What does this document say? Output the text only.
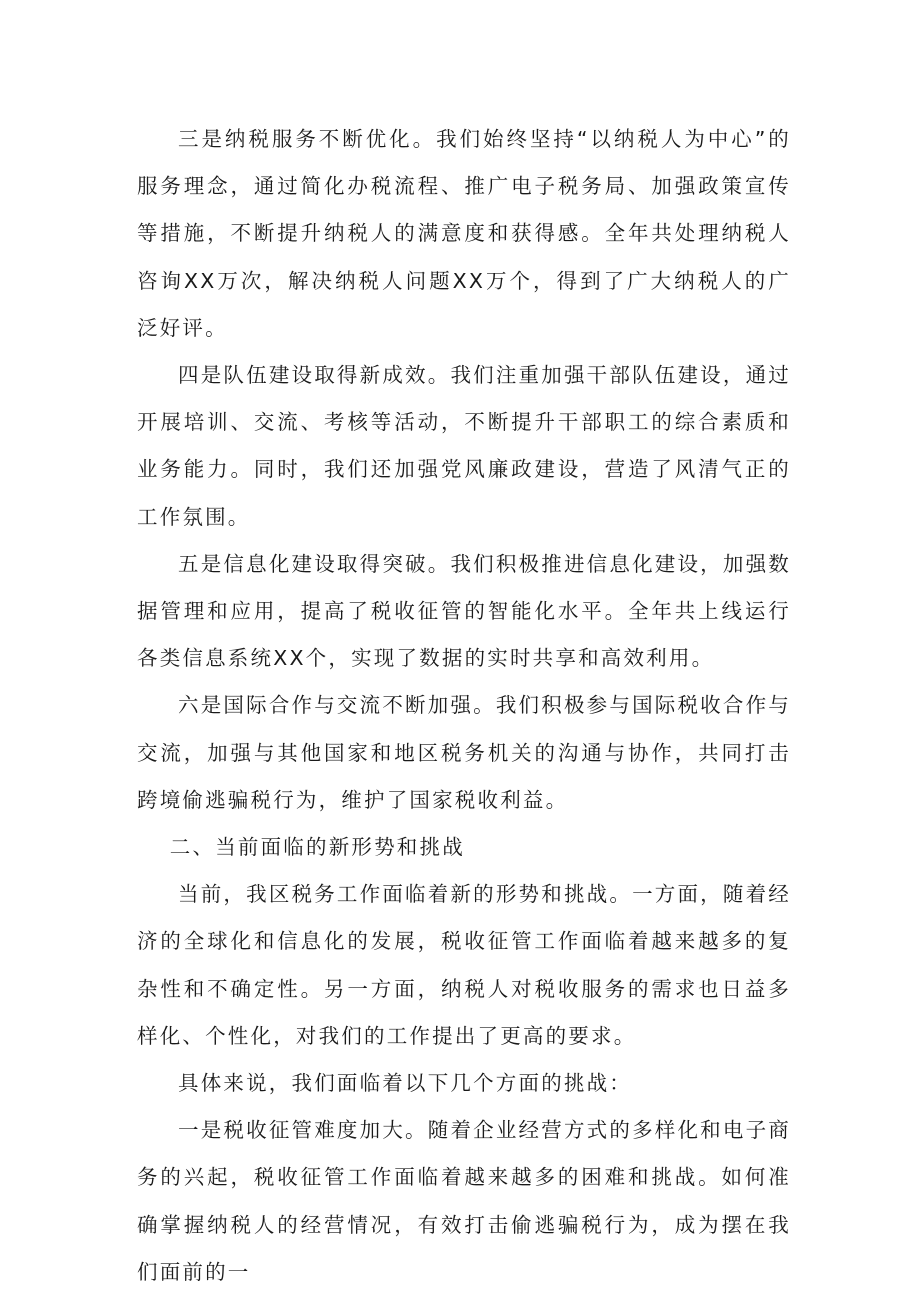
三是纳税服务不断优化。我们始终坚持“以纳税人为中心”的服务理念，通过简化办税流程、推广电子税务局、加强政策宣传等措施，不断提升纳税人的满意度和获得感。全年共处理纳税人咨询XX万次，解决纳税人问题XX万个，得到了广大纳税人的广泛好评。

四是队伍建设取得新成效。我们注重加强干部队伍建设，通过开展培训、交流、考核等活动，不断提升干部职工的综合素质和业务能力。同时，我们还加强党风廉政建设，营造了风清气正的工作氛围。

五是信息化建设取得突破。我们积极推进信息化建设，加强数据管理和应用，提高了税收征管的智能化水平。全年共上线运行各类信息系统XX个，实现了数据的实时共享和高效利用。

六是国际合作与交流不断加强。我们积极参与国际税收合作与交流，加强与其他国家和地区税务机关的沟通与协作，共同打击跨境偷逃骗税行为，维护了国家税收利益。

二、当前面临的新形势和挑战

当前，我区税务工作面临着新的形势和挑战。一方面，随着经济的全球化和信息化的发展，税收征管工作面临着越来越多的复杂性和不确定性。另一方面，纳税人对税收服务的需求也日益多样化、个性化，对我们的工作提出了更高的要求。

具体来说，我们面临着以下几个方面的挑战：

一是税收征管难度加大。随着企业经营方式的多样化和电子商务的兴起，税收征管工作面临着越来越多的困难和挑战。如何准确掌握纳税人的经营情况，有效打击偷逃骗税行为，成为摆在我们面前的一
